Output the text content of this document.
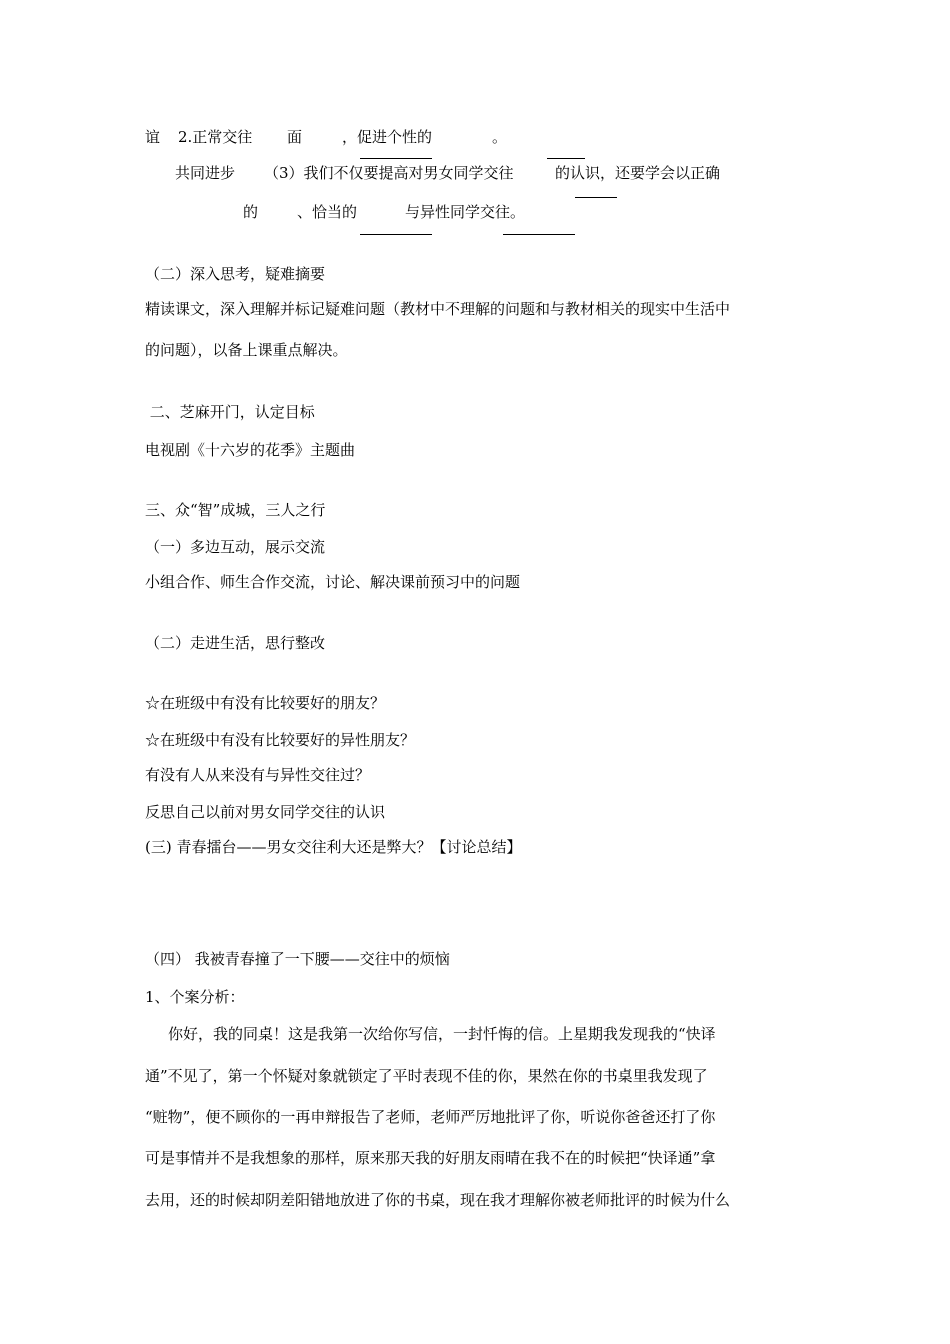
谊 2.正常交往 面	，促进个性的	。
共同进步 （3）我们不仅要提高对男女同学交往	的认识，还要学会以正确
的	、恰当的	与异性同学交往。
（二）深入思考，疑难摘要
精读课文，深入理解并标记疑难问题（教材中不理解的问题和与教材相关的现实中生活中
的问题），以备上课重点解决。
二、芝麻开门，认定目标
电视剧《十六岁的花季》主题曲
三、众“智”成城，三人之行
（一）多边互动，展示交流
小组合作、师生合作交流，讨论、解决课前预习中的问题
（二）走进生活，思行整改
☆在班级中有没有比较要好的朋友？
☆在班级中有没有比较要好的异性朋友？
有没有人从来没有与异性交往过？
反思自己以前对男女同学交往的认识
(三) 青春擂台——男女交往利大还是弊大？【讨论总结】
（四） 我被青春撞了一下腰——交往中的烦恼
1、个案分析：
你好，我的同桌！这是我第一次给你写信，一封忏悔的信。上星期我发现我的“快译
通”不见了，第一个怀疑对象就锁定了平时表现不佳的你，果然在你的书桌里我发现了
“赃物”，便不顾你的一再申辩报告了老师，老师严厉地批评了你，听说你爸爸还打了你
可是事情并不是我想象的那样，原来那天我的好朋友雨晴在我不在的时候把“快译通”拿
去用，还的时候却阴差阳错地放进了你的书桌，现在我才理解你被老师批评的时候为什么
